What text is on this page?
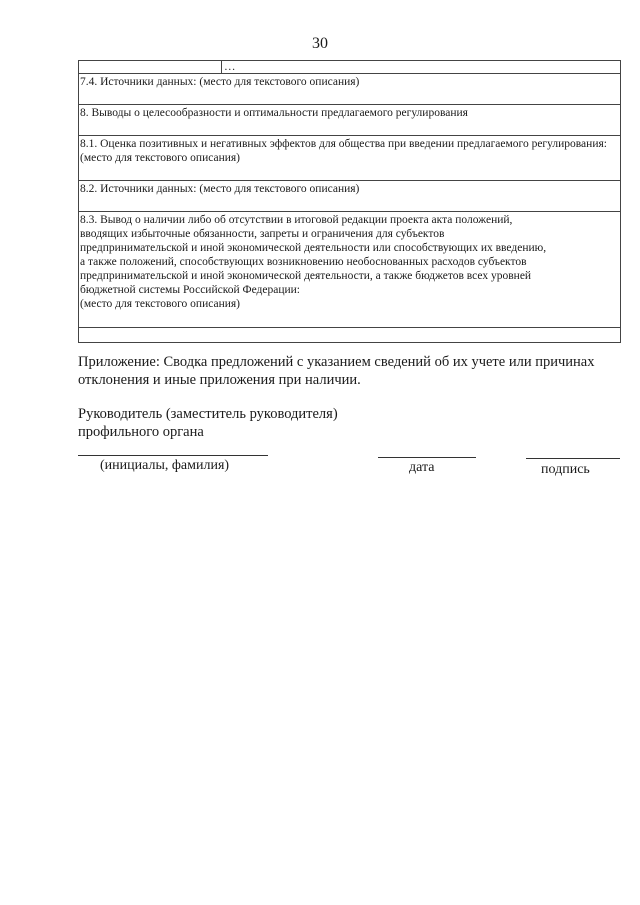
30
	…
7.4. Источники данных: (место для текстового описания)
8. Выводы о целесообразности и оптимальности предлагаемого регулирования
8.1. Оценка позитивных и негативных эффектов для общества при введении предлагаемого регулирования: (место для текстового описания)
8.2. Источники данных: (место для текстового описания)

8.3. Вывод о наличии либо об отсутствии в итоговой редакции проекта акта положений,
вводящих избыточные обязанности, запреты и ограничения для субъектов
предпринимательской и иной экономической деятельности или способствующих их введению,
а также положений, способствующих возникновению необоснованных расходов субъектов
предпринимательской и иной экономической деятельности, а также бюджетов всех уровней
бюджетной системы Российской Федерации:
(место для текстового описания)

Приложение: Сводка предложений с указанием сведений об их учете или причинах отклонения и иные приложения при наличии.
Руководитель (заместитель руководителя)
профильного органа
(инициалы, фамилия)	дата	подпись
